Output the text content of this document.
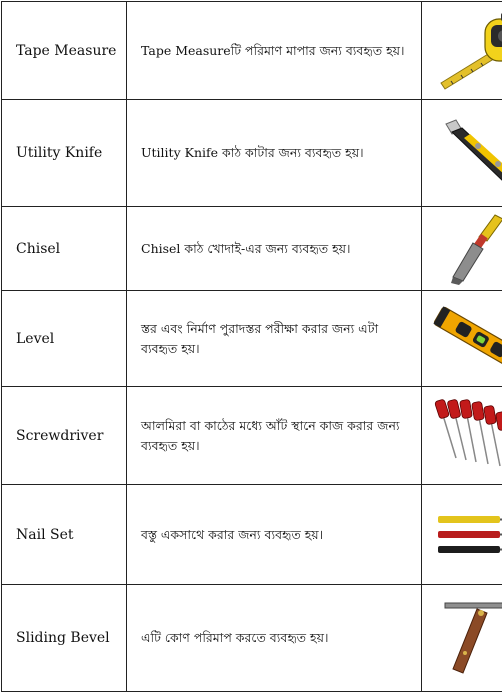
Tape Measure	Tape Measureটি পরিমাণ মাপার জন্য ব্যবহৃত হয়।	

Utility Knife	Utility Knife কাঠ কাটার জন্য ব্যবহৃত হয়।	

Chisel	Chisel কাঠ খোদাই-এর জন্য ব্যবহৃত হয়।	

Level	স্তর এবং নির্মাণ পুরাদস্তর পরীক্ষা করার জন্য এটা ব্যবহৃত হয়।	

Screwdriver	আলমিরা বা কাঠের মধ্যে আঁট স্থানে কাজ করার জন্য ব্যবহৃত হয়।	

Nail Set	বস্তু একসাথে করার জন্য ব্যবহৃত হয়।	

Sliding Bevel	এটি কোণ পরিমাপ করতে ব্যবহৃত হয়।	
